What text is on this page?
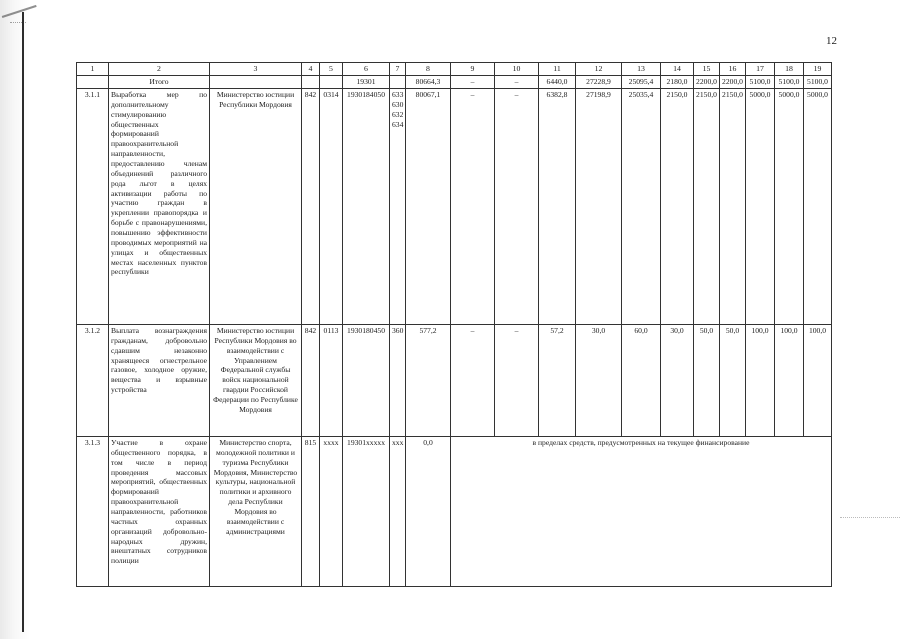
12
1	2	3	4	5	6	7	8	9	10	11	12	13	14	15	16	17	18	19
	Итого				19301		80664,3	–	–	6440,0	27228,9	25095,4	2180,0	2200,0	2200,0	5100,0	5100,0	5100,0
3.1.1	Выработка мер по дополнительному стимулированию общественных формирований правоохранительной направленности, предоставлению членам объединений различного рода льгот в целях активизации работы по участию граждан в укреплении правопорядка и борьбе с правонарушениями, повышению эффективности проводимых мероприятий на улицах и общественных местах населенных пунктов республики	Министерство юстиции Республики Мордовия	842	0314	1930184050	633 630 632 634	80067,1	–	–	6382,8	27198,9	25035,4	2150,0	2150,0	2150,0	5000,0	5000,0	5000,0
3.1.2	Выплата вознаграждения гражданам, добровольно сдавшим незаконно хранящееся огнестрельное газовое, холодное оружие, вещества и взрывные устройства	Министерство юстиции Республики Мордовия во взаимодействии с Управлением Федеральной службы войск национальной гвардии Российской Федерации по Республике Мордовия	842	0113	1930180450	360	577,2	–	–	57,2	30,0	60,0	30,0	50,0	50,0	100,0	100,0	100,0
3.1.3	Участие в охране общественного порядка, в том числе в период проведения массовых мероприятий, общественных формирований правоохранительной направленности, работников частных охранных организаций добровольно-народных дружин, внештатных сотрудников полиции	Министерство спорта, молодежной политики и туризма Республики Мордовия, Министерство культуры, национальной политики и архивного дела Республики Мордовия во взаимодействии с администрациями	815	хххх	19301ххххх	ххх	0,0	в пределах средств, предусмотренных на текущее финансирование										
